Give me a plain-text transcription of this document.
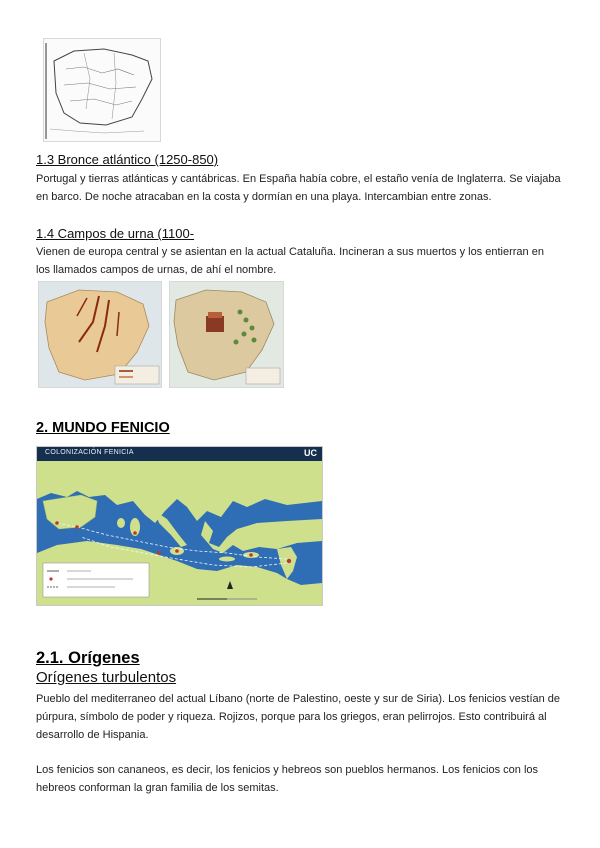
1.3 Bronce atlántico (1250-850)
Portugal y tierras atlánticas y cantábricas. En España había cobre, el estaño venía de Inglaterra. Se viajaba
en barco. De noche atracaban en la costa y dormían en una playa. Intercambian entre zonas.
1.4 Campos de urna (1100-
Vienen de europa central y se asientan en la actual Cataluña. Incineran a sus muertos y los entierran en
los llamados campos de urnas, de ahí el nombre.
2. MUNDO FENICIO
COLONIZACIÓN FENICIA	UC
2.1. Orígenes
Orígenes turbulentos
Pueblo del mediterraneo del actual Líbano (norte de Palestino, oeste y sur de Siria). Los fenicios vestían de
púrpura, símbolo de poder y riqueza. Rojizos, porque para los griegos, eran pelirrojos. Esto contribuirá al
desarrollo de Hispania.
Los fenicios son cananeos, es decir, los fenicios y hebreos son pueblos hermanos. Los fenicios con los
hebreos conforman la gran familia de los semitas.
